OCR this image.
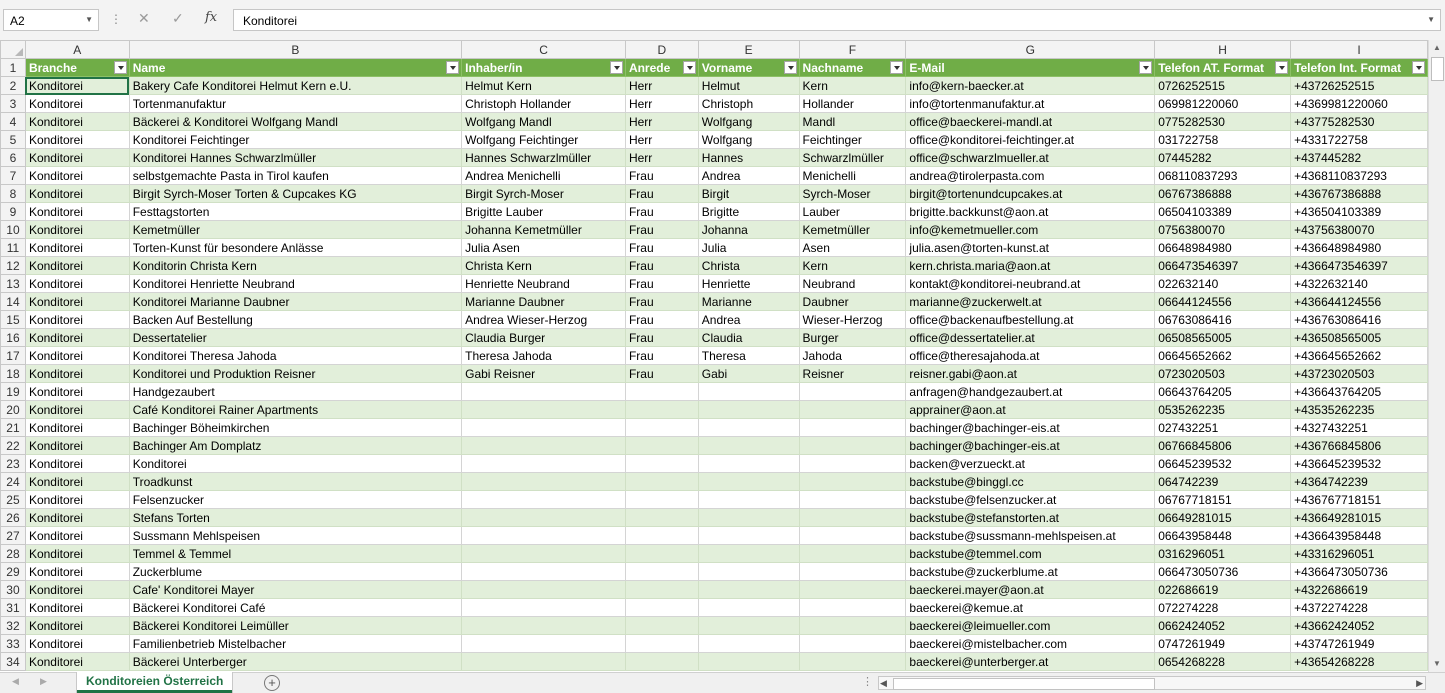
A2	▼ ⋮ ✕ ✓ fx Konditorei	▼
	A	B	C	D	E	F	G	H	I
1	Branche	Name	Inhaber/in	Anrede	Vorname	Nachname	E-Mail	Telefon AT. Format	Telefon Int. Format

2	Konditorei	Bakery Cafe Konditorei Helmut Kern e.U.	Helmut Kern	Herr	Helmut	Kern	info@kern-baecker.at	0726252515	+43726252515
3	Konditorei	Tortenmanufaktur	Christoph Hollander	Herr	Christoph	Hollander	info@tortenmanufaktur.at	069981220060	+4369981220060
4	Konditorei	Bäckerei & Konditorei Wolfgang Mandl	Wolfgang Mandl	Herr	Wolfgang	Mandl	office@baeckerei-mandl.at	0775282530	+43775282530
5	Konditorei	Konditorei Feichtinger	Wolfgang Feichtinger	Herr	Wolfgang	Feichtinger	office@konditorei-feichtinger.at	031722758	+4331722758
6	Konditorei	Konditorei Hannes Schwarzlmüller	Hannes Schwarzlmüller	Herr	Hannes	Schwarzlmüller	office@schwarzlmueller.at	07445282	+437445282
7	Konditorei	selbstgemachte Pasta in Tirol kaufen	Andrea Menichelli	Frau	Andrea	Menichelli	andrea@tirolerpasta.com	068110837293	+4368110837293
8	Konditorei	Birgit Syrch-Moser Torten & Cupcakes KG	Birgit Syrch-Moser	Frau	Birgit	Syrch-Moser	birgit@tortenundcupcakes.at	06767386888	+436767386888
9	Konditorei	Festtagstorten	Brigitte Lauber	Frau	Brigitte	Lauber	brigitte.backkunst@aon.at	06504103389	+436504103389
10	Konditorei	Kemetmüller	Johanna Kemetmüller	Frau	Johanna	Kemetmüller	info@kemetmueller.com	0756380070	+43756380070
11	Konditorei	Torten-Kunst für besondere Anlässe	Julia Asen	Frau	Julia	Asen	julia.asen@torten-kunst.at	06648984980	+436648984980
12	Konditorei	Konditorin Christa Kern	Christa Kern	Frau	Christa	Kern	kern.christa.maria@aon.at	066473546397	+4366473546397
13	Konditorei	Konditorei Henriette Neubrand	Henriette Neubrand	Frau	Henriette	Neubrand	kontakt@konditorei-neubrand.at	022632140	+4322632140
14	Konditorei	Konditorei Marianne Daubner	Marianne Daubner	Frau	Marianne	Daubner	marianne@zuckerwelt.at	06644124556	+436644124556
15	Konditorei	Backen Auf Bestellung	Andrea Wieser-Herzog	Frau	Andrea	Wieser-Herzog	office@backenaufbestellung.at	06763086416	+436763086416
16	Konditorei	Dessertatelier	Claudia Burger	Frau	Claudia	Burger	office@dessertatelier.at	06508565005	+436508565005
17	Konditorei	Konditorei Theresa Jahoda	Theresa Jahoda	Frau	Theresa	Jahoda	office@theresajahoda.at	06645652662	+436645652662
18	Konditorei	Konditorei und Produktion Reisner	Gabi Reisner	Frau	Gabi	Reisner	reisner.gabi@aon.at	0723020503	+43723020503
19	Konditorei	Handgezaubert					anfragen@handgezaubert.at	06643764205	+436643764205
20	Konditorei	Café Konditorei Rainer Apartments					apprainer@aon.at	0535262235	+43535262235
21	Konditorei	Bachinger Böheimkirchen					bachinger@bachinger-eis.at	027432251	+4327432251
22	Konditorei	Bachinger Am Domplatz					bachinger@bachinger-eis.at	06766845806	+436766845806
23	Konditorei	Konditorei					backen@verzueckt.at	06645239532	+436645239532
24	Konditorei	Troadkunst					backstube@binggl.cc	064742239	+4364742239
25	Konditorei	Felsenzucker					backstube@felsenzucker.at	06767718151	+436767718151
26	Konditorei	Stefans Torten					backstube@stefanstorten.at	06649281015	+436649281015
27	Konditorei	Sussmann Mehlspeisen					backstube@sussmann-mehlspeisen.at	06643958448	+436643958448
28	Konditorei	Temmel & Temmel					backstube@temmel.com	0316296051	+43316296051
29	Konditorei	Zuckerblume					backstube@zuckerblume.at	066473050736	+4366473050736
30	Konditorei	Cafe' Konditorei Mayer					baeckerei.mayer@aon.at	022686619	+4322686619
31	Konditorei	Bäckerei Konditorei Café					baeckerei@kemue.at	072274228	+4372274228
32	Konditorei	Bäckerei Konditorei Leimüller					baeckerei@leimueller.com	0662424052	+43662424052
33	Konditorei	Familienbetrieb Mistelbacher					baeckerei@mistelbacher.com	0747261949	+43747261949
34	Konditorei	Bäckerei Unterberger					baeckerei@unterberger.at	0654268228	+43654268228
▲
▼
◀ ▶	Konditoreien Österreich	+	⋮ ◀	▶
